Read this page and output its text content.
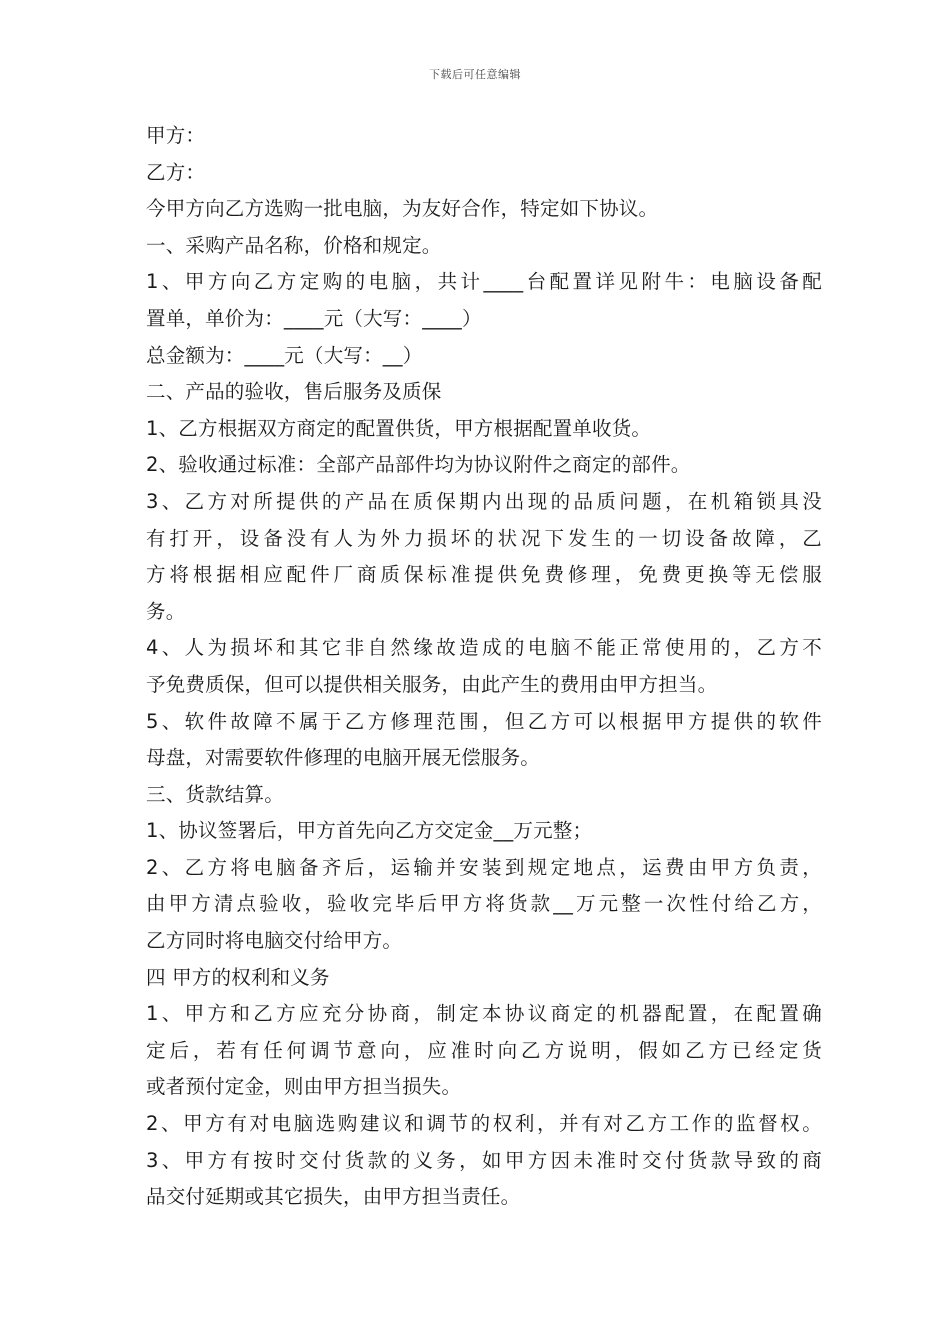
下载后可任意编辑
甲方：
乙方：
今甲方向乙方选购一批电脑，为友好合作，特定如下协议。
一、采购产品名称，价格和规定。
1、甲方向乙方定购的电脑，共计____台配置详见附牛：电脑设备配
置单，单价为：____元（大写：____）
总金额为：____元（大写：__）
二、产品的验收，售后服务及质保
1、乙方根据双方商定的配置供货，甲方根据配置单收货。
2、验收通过标准：全部产品部件均为协议附件之商定的部件。
3、乙方对所提供的产品在质保期内出现的品质问题，在机箱锁具没
有打开，设备没有人为外力损坏的状况下发生的一切设备故障，乙
方将根据相应配件厂商质保标准提供免费修理，免费更换等无偿服
务。
4、人为损坏和其它非自然缘故造成的电脑不能正常使用的，乙方不
予免费质保，但可以提供相关服务，由此产生的费用由甲方担当。
5、软件故障不属于乙方修理范围，但乙方可以根据甲方提供的软件
母盘，对需要软件修理的电脑开展无偿服务。
三、货款结算。
1、协议签署后，甲方首先向乙方交定金__万元整；
2、乙方将电脑备齐后，运输并安装到规定地点，运费由甲方负责，
由甲方清点验收，验收完毕后甲方将货款__万元整一次性付给乙方，
乙方同时将电脑交付给甲方。
四 甲方的权利和义务
1、甲方和乙方应充分协商，制定本协议商定的机器配置，在配置确
定后，若有任何调节意向，应准时向乙方说明，假如乙方已经定货
或者预付定金，则由甲方担当损失。
2、甲方有对电脑选购建议和调节的权利，并有对乙方工作的监督权。
3、甲方有按时交付货款的义务，如甲方因未准时交付货款导致的商
品交付延期或其它损失，由甲方担当责任。
